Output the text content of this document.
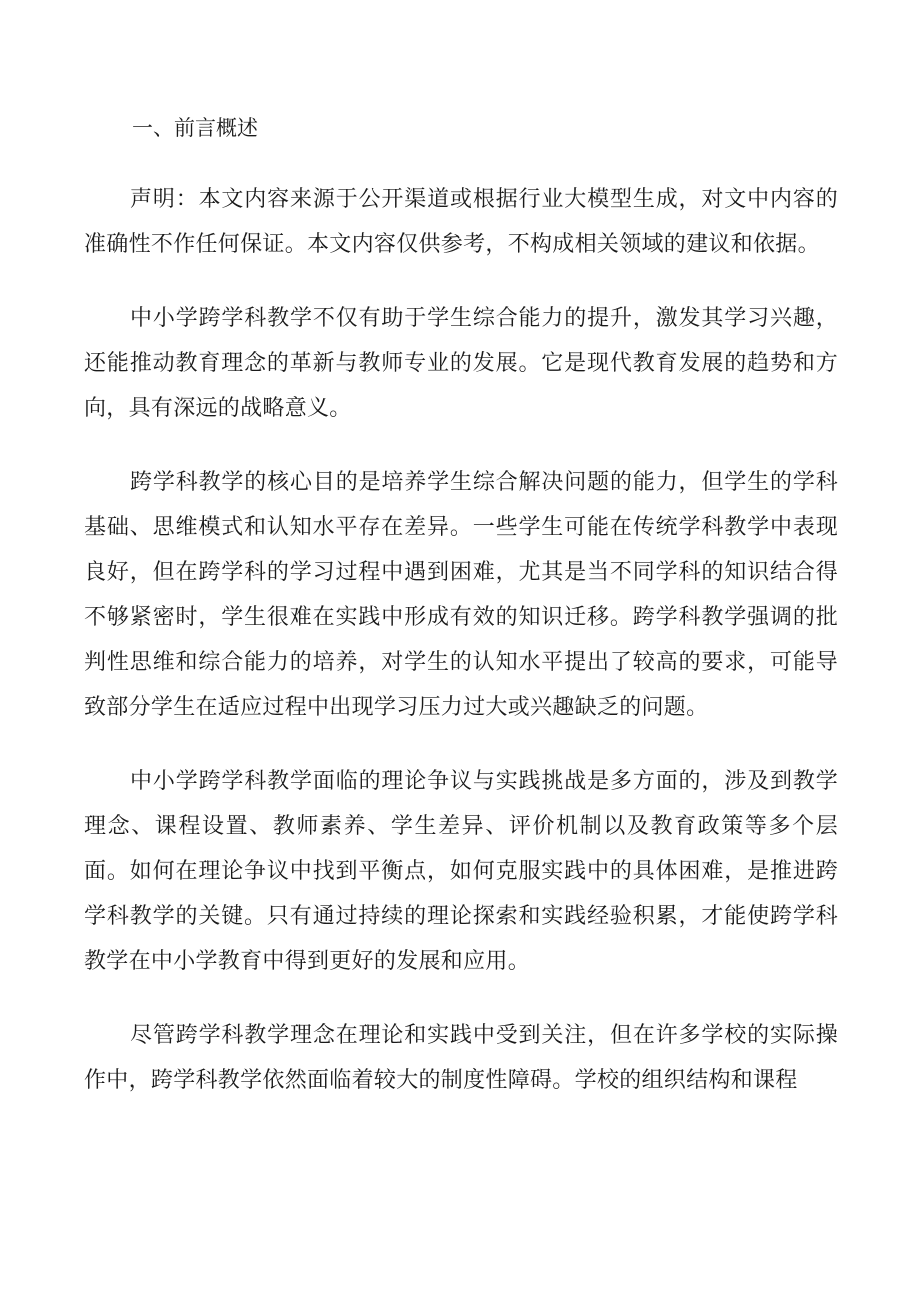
一、前言概述

声明：本文内容来源于公开渠道或根据行业大模型生成，对文中内容的准确性不作任何保证。本文内容仅供参考，不构成相关领域的建议和依据。

中小学跨学科教学不仅有助于学生综合能力的提升，激发其学习兴趣，还能推动教育理念的革新与教师专业的发展。它是现代教育发展的趋势和方向，具有深远的战略意义。

跨学科教学的核心目的是培养学生综合解决问题的能力，但学生的学科基础、思维模式和认知水平存在差异。一些学生可能在传统学科教学中表现良好，但在跨学科的学习过程中遇到困难，尤其是当不同学科的知识结合得不够紧密时，学生很难在实践中形成有效的知识迁移。跨学科教学强调的批判性思维和综合能力的培养，对学生的认知水平提出了较高的要求，可能导致部分学生在适应过程中出现学习压力过大或兴趣缺乏的问题。

中小学跨学科教学面临的理论争议与实践挑战是多方面的，涉及到教学理念、课程设置、教师素养、学生差异、评价机制以及教育政策等多个层面。如何在理论争议中找到平衡点，如何克服实践中的具体困难，是推进跨学科教学的关键。只有通过持续的理论探索和实践经验积累，才能使跨学科教学在中小学教育中得到更好的发展和应用。

尽管跨学科教学理念在理论和实践中受到关注，但在许多学校的实际操作中，跨学科教学依然面临着较大的制度性障碍。学校的组织结构和课程
